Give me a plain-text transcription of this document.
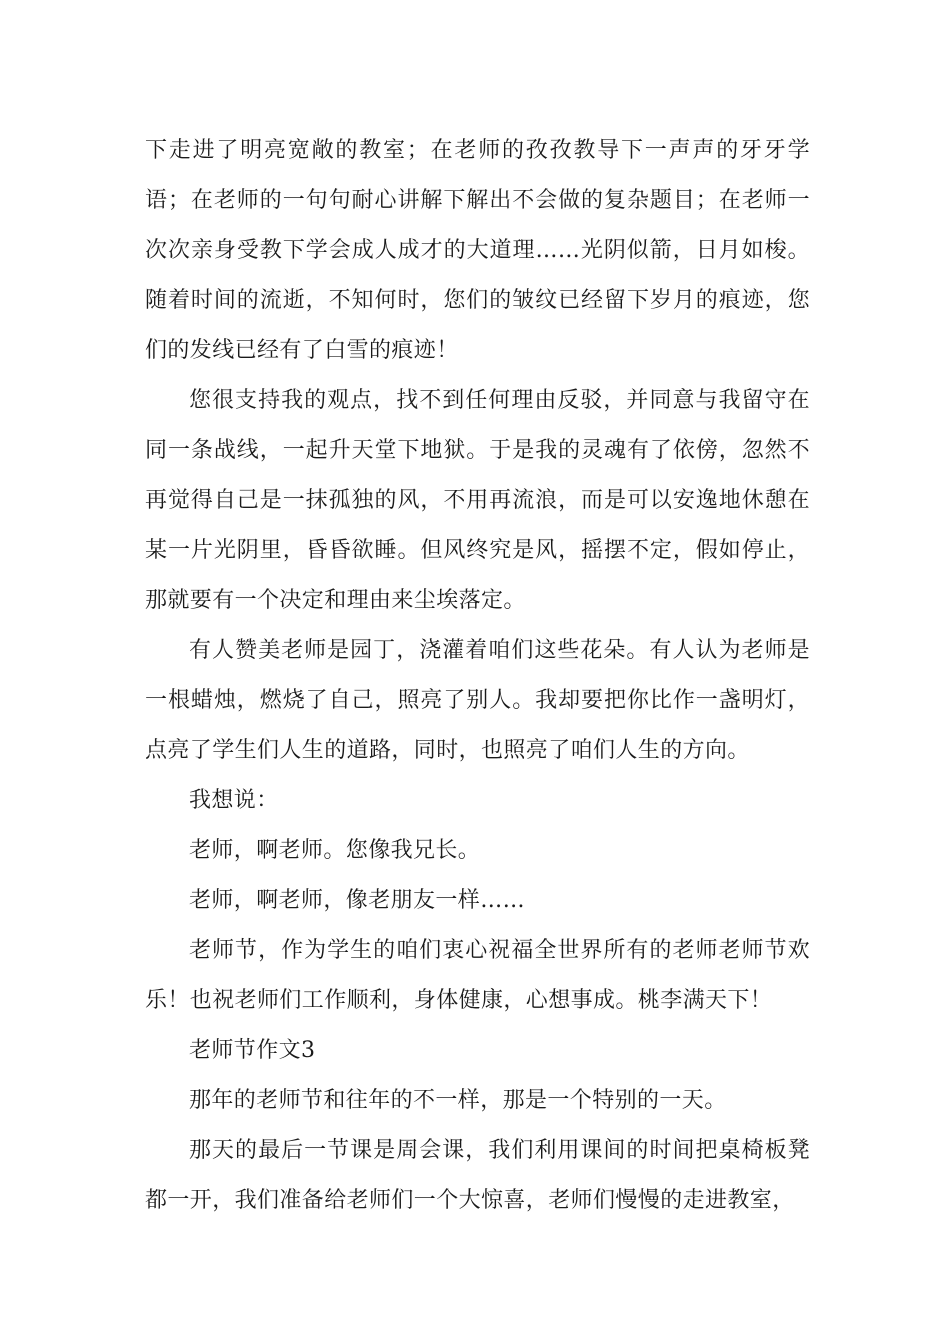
下走进了明亮宽敞的教室；在老师的孜孜教导下一声声的牙牙学语；在老师的一句句耐心讲解下解出不会做的复杂题目；在老师一次次亲身受教下学会成人成才的大道理……光阴似箭，日月如梭。随着时间的流逝，不知何时，您们的皱纹已经留下岁月的痕迹，您们的发线已经有了白雪的痕迹！

您很支持我的观点，找不到任何理由反驳，并同意与我留守在同一条战线，一起升天堂下地狱。于是我的灵魂有了依傍，忽然不再觉得自己是一抹孤独的风，不用再流浪，而是可以安逸地休憩在某一片光阴里，昏昏欲睡。但风终究是风，摇摆不定，假如停止，那就要有一个决定和理由来尘埃落定。

有人赞美老师是园丁，浇灌着咱们这些花朵。有人认为老师是一根蜡烛，燃烧了自己，照亮了别人。我却要把你比作一盏明灯，点亮了学生们人生的道路，同时，也照亮了咱们人生的方向。

我想说：

老师，啊老师。您像我兄长。

老师，啊老师，像老朋友一样……

老师节，作为学生的咱们衷心祝福全世界所有的老师老师节欢乐！也祝老师们工作顺利，身体健康，心想事成。桃李满天下！

老师节作文3

那年的老师节和往年的不一样，那是一个特别的一天。

那天的最后一节课是周会课，我们利用课间的时间把桌椅板凳都一开，我们准备给老师们一个大惊喜，老师们慢慢的走进教室，
